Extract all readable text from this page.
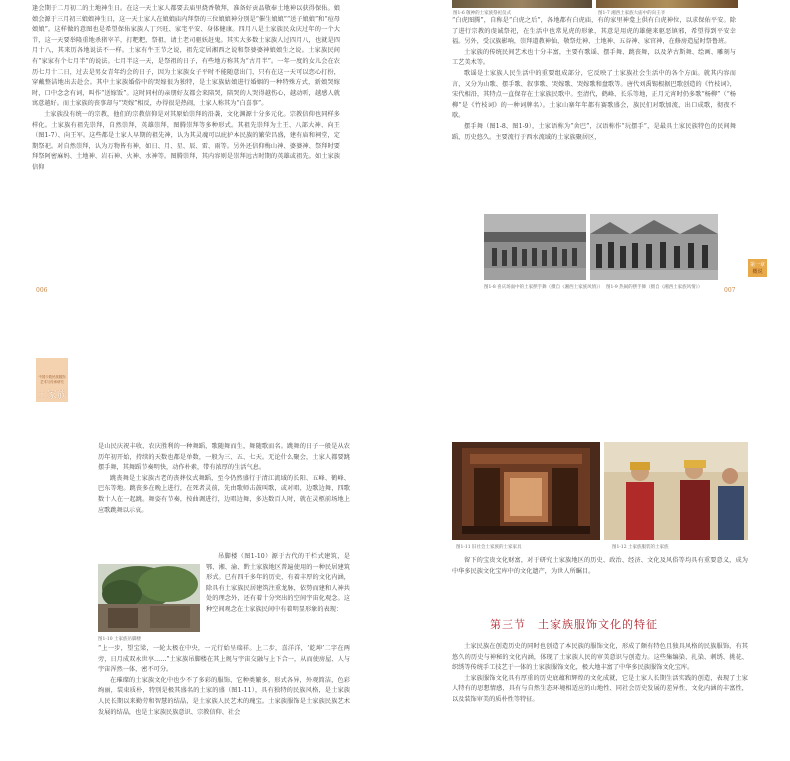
逢会期于二月初二的土地神生日。在这一天土家人都要去庙里烧香敬拜，准备好贡品敬奉土地神以获得保佑。娘娘会源于三月初三娘娘神生日，这一天土家人在娘娘庙内拜祭的三位娘娘神分别是“催生娘娘”“送子娘娘”和“痘母娘娘”。这样做的意图也是希望保佑家族人丁兴旺、家宅平安、身体健康。四月八是土家族民众庆过年的一个大节，这一天要举隆重地杀猪宰羊，打粑粑，祭祖，请土老司驱妖赶鬼。其实大多数土家族人过四月八，也就是四月十八，其来历各地说法不一样。土家有牛王节之说，祖先定居湘西之说和祭婆婆神娘娘生之说。土家族民间有“家家有个七月半”的说法。七月半这一天，是祭祖的日子，有些地方称其为“古月半”。一年一度的女儿会在农历七月十二日，过去是男女青年约会的日子，因为土家族女子平时不能随意出门，只有在这一天可以恋心打扮，穿戴整洁地出去赴会。其中土家族婚俗中的哭嫁很为独特，是土家族姑娘进行婚姻的一种特殊方式，新娘哭嫁时，口中念念有词，叫作“送嫁饭”。这时同村的亲朋好友都会来陪哭，陪哭的人哭得越伤心，越动听，越感人就寓意越好。而土家族的丧事却与“哭嫁”相反，办得很是热闹，土家人称其为“白喜事”。

土家族没有统一的宗教，他们的宗教信仰是对其原始崇拜的沿袭，文化渊源十分多元化。宗教信仰也同样多样化。土家族有祖先崇拜，自然崇拜，英雄崇拜，图腾崇拜等多种形式。其祖先崇拜为土王、八部大神、向王（图1-7）、向王军。这些都是土家人早期的祖先神，认为其灵魂可以庇护本民族的繁荣昌盛，建有庙和祠堂，定期祭祀。对自然崇拜，认为万物皆有神，如日、月、星、辰、雷、雨等。另外还信仰梅山神、婆婆神、祭拜时要拜祭阿密麻妈、土地神、岩石神、火神、水神等。图腾崇拜，其内容则是崇拜远古时期的英雄或祖先。如土家族信仰

006
图1-6 敬神的土家族祭祀仪式	图1-7 湘西土家族大庙中的向王爷

“白虎图腾”，自称是“白虎之后”，各地都有白虎庙，有的家里神龛上供有白虎神位，以求保佑平安。除了进行宗教的虔诚祭祀，在生活中也常见虎的形象，其意是用虎的雄健来驱恶镇邪，希望得到平安幸福。另外，受汉族影响，崇拜道教神仙，敬祭灶神、土地神、五谷神、家官神，在修房造屋时祭鲁班。

土家族的传统民间艺术也十分丰富，主要有歌谣、摆手舞、跳丧舞，以及茅古斯舞、绘画、雕刻与工艺美术等。

歌谣是土家族人民生活中的重要组成部分，它反映了土家族社会生活中的各个方面。就其内容而言，又分为山歌、摆手歌、叙事歌、哭嫁歌、哭嫁歌和盘歌等。唐代刘禹锡根据巴歌创造的《竹枝词》，宋代相沿，其特点一直保存在土家族民歌中。至清代，鹤峰、长乐等地，正月元宵时仍多歌“杨柳”（“杨柳”是《竹枝词》的一种词牌名）。土家山寨年年都有赛歌盛会，族民们对歌加流，出口成歌，彻夜不歇。

摆手舞（图1-8、图1-9），土家语称为“舍巴”，汉语称作“玩摆手”，是最具土家民族特色的民间舞蹈，历史悠久。主要流行于西水流域的土家族聚居区，

图1-8 喜庆场面中的土家摆手舞（摄自《湘西土家族风情》） 图1-9 热闹的摆手舞（摄自《湘西土家族风情》）
第一章
概说
007
中国少数民族服饰
艺术与传承研究
土家族

是山民庆祝丰收、农庆胜利的一种舞蹈，歌随舞而生，舞随歌而名。跳舞的日子一般是从农历年初开始，持续的天数也都是单数，一般为三、五、七天。无论什么聚会，土家人都要跳摆手舞，其舞蹈节奏明快，动作朴素，带有浓厚的生活气息。

跳丧舞是土家族古老的丧葬仪式舞蹈，至今仍然盛行于清江流域的长阳、五峰、鹤峰、巴东等地。跳丧多在晚上进行，在死者灵前，先由歌师击鼓叫歌，或对唱，边歌边舞，四歌数十人在一起跳。舞姿有节奏，按曲调进行，边唱边舞，多达数百人时，就在灵柩前场地上应歌跳舞以示哀。

图1-10 土家族吊脚楼

吊脚楼（图1-10）源于古代的干栏式建筑，是鄂、湘、渝、黔土家族地区普遍使用的一种民居建筑形式。已有四千多年的历史，有着丰厚的文化内涵，除具有土家族民居建筑注重龙脉，依势而建和人神共处的理念外，还有着十分突出的空间宇宙化观念。这种空间观念在土家族民间中有着明显形象的表现：

“上一步，望宝梁，一轮太极在中央，一元行始呈瑞祥。上二步，喜洋洋，‘乾坤’二字在两旁，日月成双永世享……”土家族吊脚楼在其上规与宇宙交融与上下合一，从而使房屋、人与宇宙浑然一体，密不可分。

在璀璨的土家族文化中也少不了多彩的服饰，它种类繁多，形式各异，外观简洁，色彩绚丽，装束质朴，特别是极其盛名的土家的盛（图1-11），具有独特的民族风格，是土家族人民长期以来勤劳和智慧的结晶，是土家族人民艺术的瑰宝。土家族服饰是土家族民族艺术发展的结晶，也是土家族民族意识、宗教信仰、社会

图1-11 旧社会土家族的土家家具	图1-12 土家族服装的土家族

留下的宝贵文化财富，对于研究土家族地区的历史、政治、经济、文化及风俗等均具有重要意义，成为中华多民族文化宝库中的文化遗产，为世人所瞩目。

第三节　土家族服饰文化的特征

土家民族在创造历史的同时也创造了本民族的服饰文化，形成了颇有特色且独具风格的民族服饰，有其悠久的历史与神秘的文化内涵，体现了土家族人民的审美意识与创造力。这些集编染、扎染、刺绣、挑花、织绣等传统手工技艺于一体的土家族服饰文化，极大地丰富了中华多民族服饰文化宝库。

土家族服饰文化具有厚重的历史底蕴和辉煌的文化成就，它是土家人长期生活实践的创造，表现了土家人特有的思想情感，具有与自然生态环境相适应的山地性、同社会历史发展的差异性，文化内涵的丰富性，以及装饰审美的质朴性等特征。
